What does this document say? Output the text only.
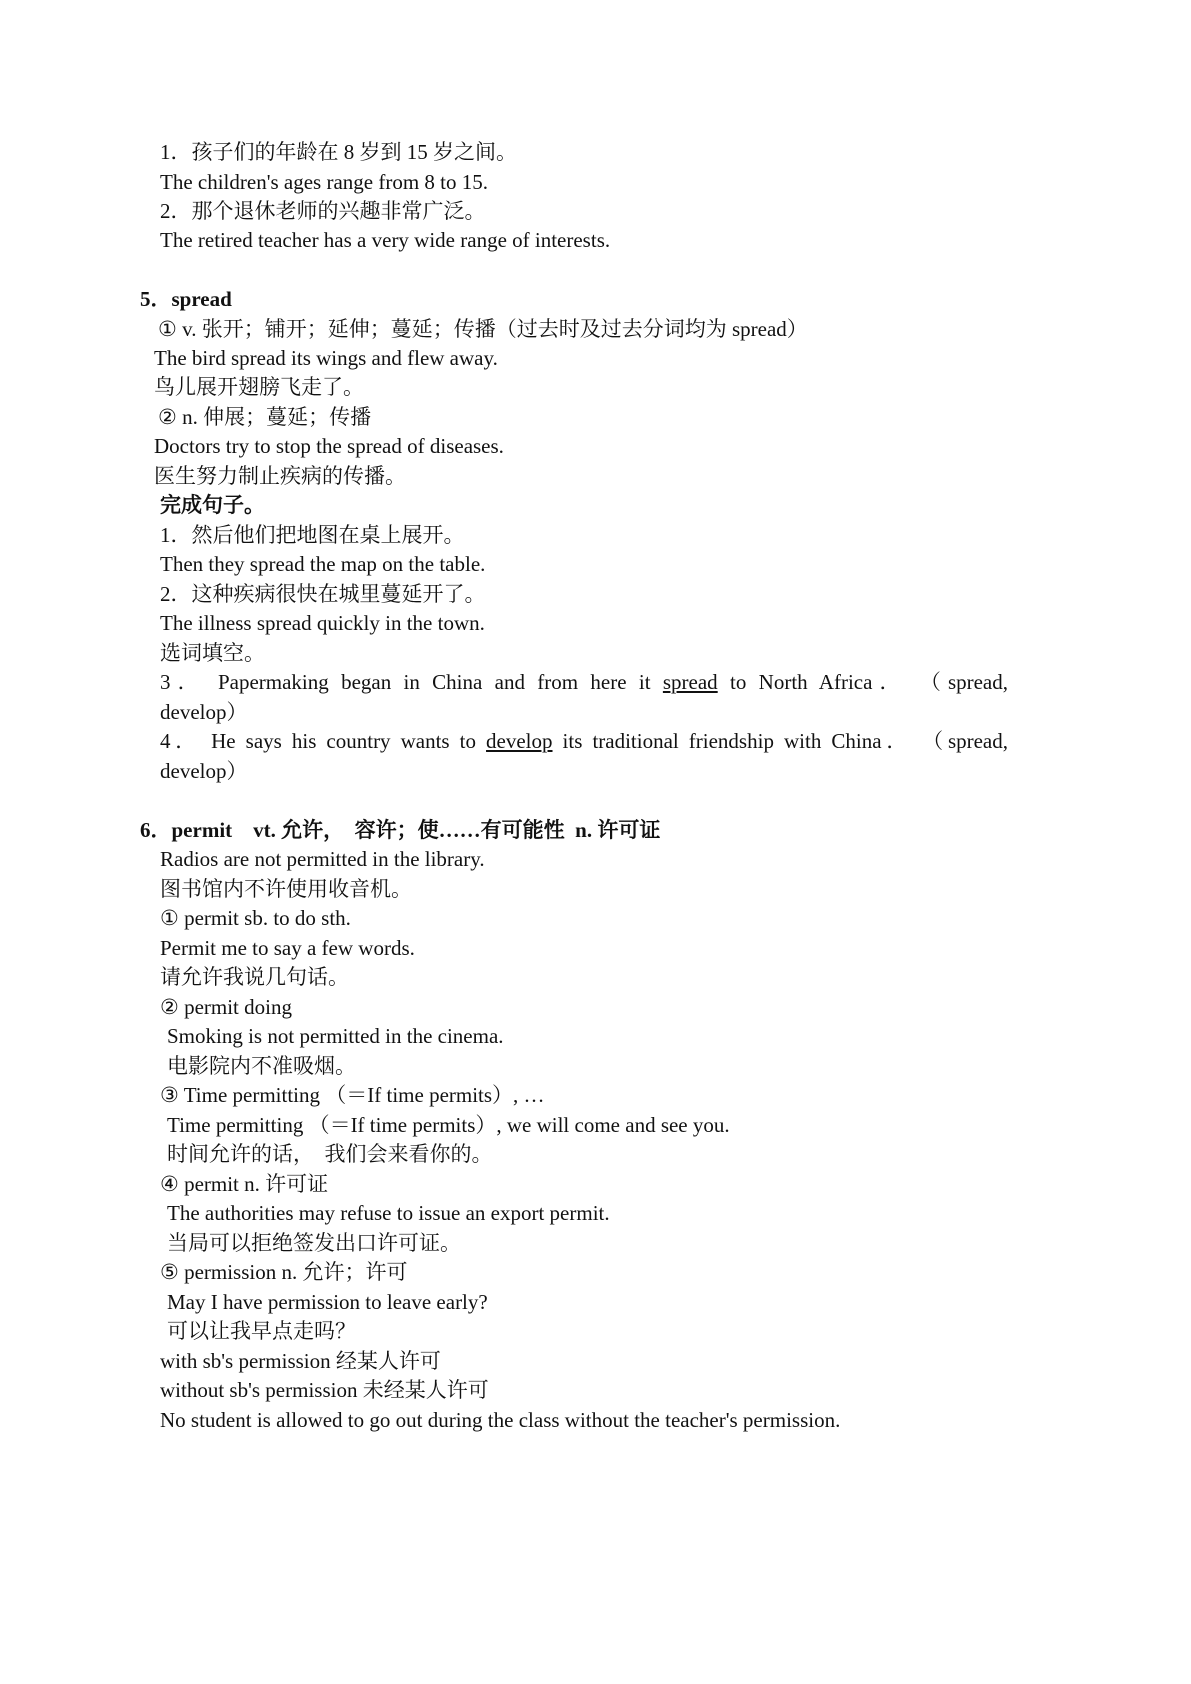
1．孩子们的年龄在 8 岁到 15 岁之间。
The children's ages range from 8 to 15.
2．那个退休老师的兴趣非常广泛。
The retired teacher has a very wide range of interests.
5．spread
① v. 张开；铺开；延伸；蔓延；传播（过去时及过去分词均为 spread）
The bird spread its wings and flew away.
鸟儿展开翅膀飞走了。
② n. 伸展；蔓延；传播
Doctors try to stop the spread of diseases.
医生努力制止疾病的传播。
完成句子。
1．然后他们把地图在桌上展开。
Then they spread the map on the table.
2．这种疾病很快在城里蔓延开了。
The illness spread quickly in the town.
选词填空。
3． Papermaking began in China and from here it spread to North Africa． （spread,
develop）
4． He says his country wants to develop its traditional friendship with China． （spread,
develop）
6．permit    vt. 允许，  容许；使……有可能性  n. 许可证
Radios are not permitted in the library.
图书馆内不许使用收音机。
① permit sb. to do sth.
Permit me to say a few words.
请允许我说几句话。
② permit doing
Smoking is not permitted in the cinema.
电影院内不准吸烟。
③ Time permitting （＝If time permits）, …
Time permitting （＝If time permits）, we will come and see you.
时间允许的话，  我们会来看你的。
④ permit n. 许可证
The authorities may refuse to issue an export permit.
当局可以拒绝签发出口许可证。
⑤ permission n. 允许；许可
May I have permission to leave early?
可以让我早点走吗？
with sb's permission 经某人许可
without sb's permission 未经某人许可
No student is allowed to go out during the class without the teacher's permission.
